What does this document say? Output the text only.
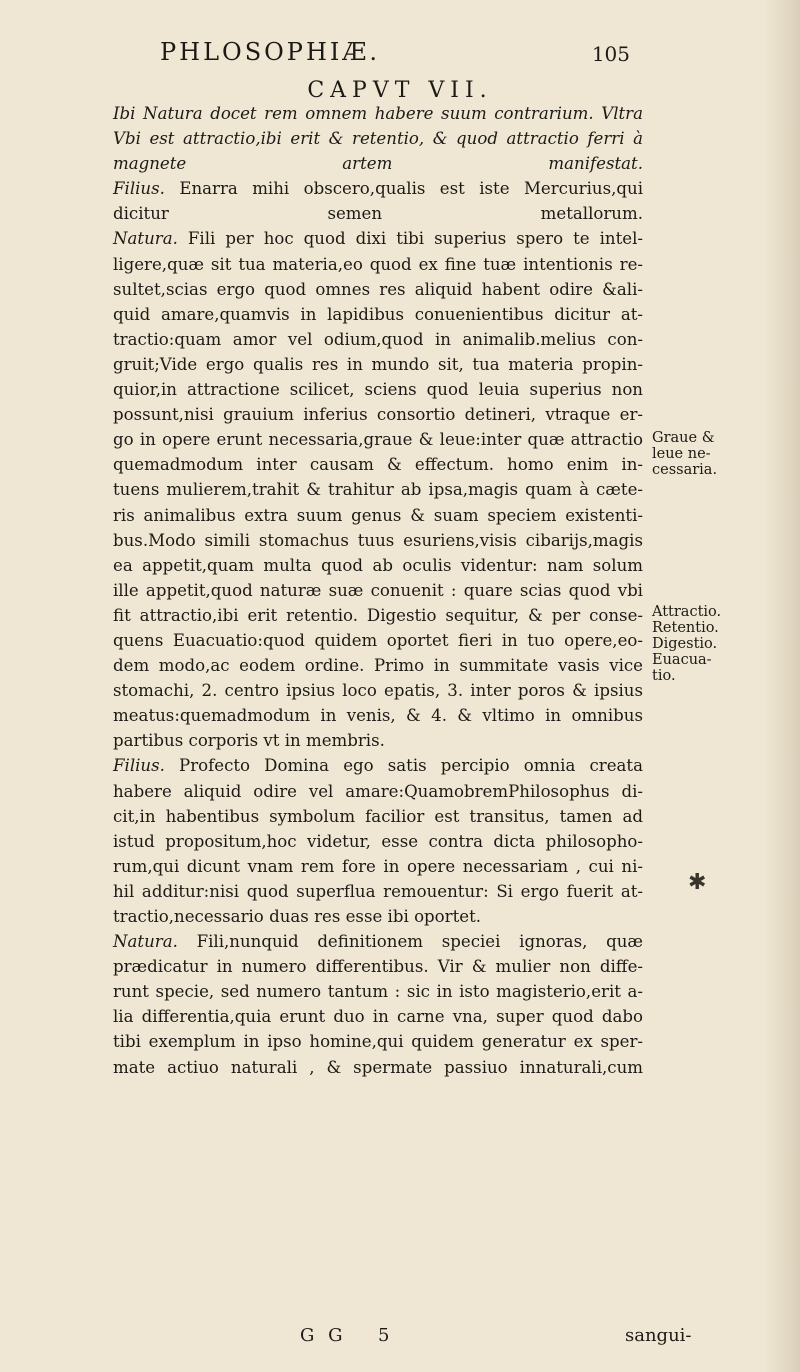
PHLOSOPHIÆ.	105
CAPVT VII.
Ibi Natura docet rem omnem habere suum contrarium. Vltra
Vbi est attractio,ibi erit & retentio, & quod attractio ferri à
magnete artem manifestat.
Filius. Enarra mihi obscero,qualis est iste Mercurius,qui
dicitur semen metallorum.
Natura. Fili per hoc quod dixi tibi superius spero te intel-
ligere,quæ sit tua materia,eo quod ex fine tuæ intentionis re-
sultet,scias ergo quod omnes res aliquid habent odire &ali-
quid amare,quamvis in lapidibus conuenientibus dicitur at-
tractio:quam amor vel odium,quod in animalib.melius con-
gruit;Vide ergo qualis res in mundo sit, tua materia propin-
quior,in attractione scilicet, sciens quod leuia superius non
possunt,nisi grauium inferius consortio detineri, vtraque er-
go in opere erunt necessaria,graue & leue:inter quæ attractio
quemadmodum inter causam & effectum. homo enim in-
tuens mulierem,trahit & trahitur ab ipsa,magis quam à cæte-
ris animalibus extra suum genus & suam speciem existenti-
bus.Modo simili stomachus tuus esuriens,visis cibarijs,magis
ea appetit,quam multa quod ab oculis videntur: nam solum
ille appetit,quod naturæ suæ conuenit : quare scias quod vbi
fit attractio,ibi erit retentio. Digestio sequitur, & per conse-
quens Euacuatio:quod quidem oportet fieri in tuo opere,eo-
dem modo,ac eodem ordine. Primo in summitate vasis vice
stomachi, 2. centro ipsius loco epatis, 3. inter poros & ipsius
meatus:quemadmodum in venis, & 4. & vltimo in omnibus
partibus corporis vt in membris.
Filius. Profecto Domina ego satis percipio omnia creata
habere aliquid odire vel amare:QuamobremPhilosophus di-
cit,in habentibus symbolum facilior est transitus, tamen ad
istud propositum,hoc videtur, esse contra dicta philosopho-
rum,qui dicunt vnam rem fore in opere necessariam , cui ni-
hil additur:nisi quod superflua remouentur: Si ergo fuerit at-
tractio,necessario duas res esse ibi oportet.
Natura. Fili,nunquid definitionem speciei ignoras, quæ
prædicatur in numero differentibus. Vir & mulier non diffe-
runt specie, sed numero tantum : sic in isto magisterio,erit a-
lia differentia,quia erunt duo in carne vna, super quod dabo
tibi exemplum in ipso homine,qui quidem generatur ex sper-
mate actiuo naturali , & spermate passiuo innaturali,cum
Graue &
leue ne-
cessaria.
Attractio.
Retentio.
Digestio.
Euacua-
tio.
✱
G G 5	sangui-
